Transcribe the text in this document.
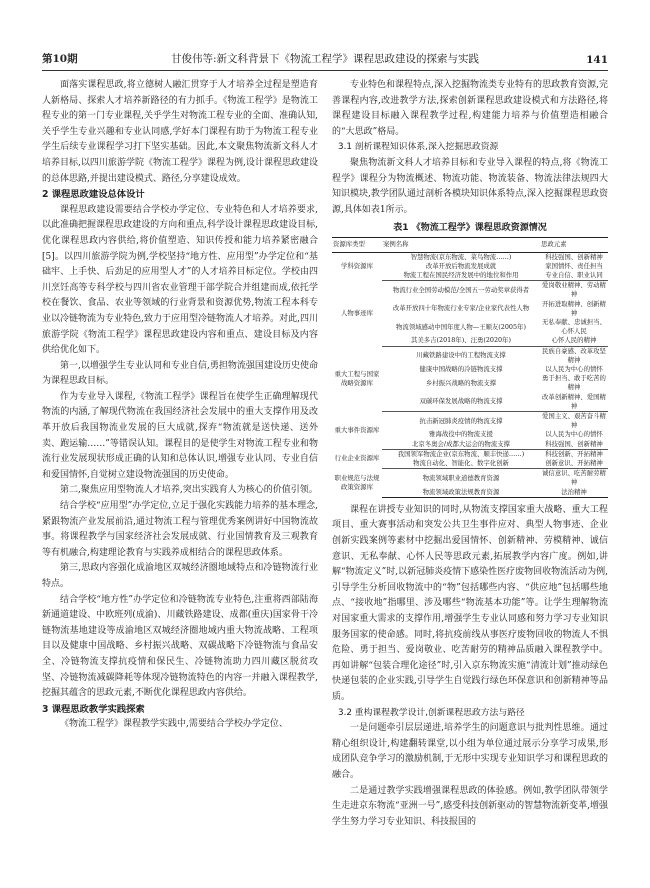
第10期	甘俊伟等:新文科背景下《物流工程学》课程思政建设的探索与实践	141

面落实课程思政,将立德树人融汇贯穿于人才培养全过程是塑造育人新格局、探索人才培养新路径的有力抓手。《物流工程学》是物流工程专业的第一门专业课程,关乎学生对物流工程专业的全面、准确认知,关乎学生专业兴趣和专业认同感,学好本门课程有助于为物流工程专业学生后续专业课程学习打下坚实基础。因此,本文聚焦物流新文科人才培养目标,以四川旅游学院《物流工程学》课程为例,设计课程思政建设的总体思路,并提出建设模式、路径,分享建设成效。

2 课程思政建设总体设计

课程思政建设需要结合学校办学定位、专业特色和人才培养要求,以此准确把握课程思政建设的方向和重点,科学设计课程思政建设目标,优化课程思政内容供给,将价值塑造、知识传授和能力培养紧密融合[5]。以四川旅游学院为例,学校坚持“地方性、应用型”办学定位和“基础牢、上手快、后劲足的应用型人才”的人才培养目标定位。学校由四川烹饪高等专科学校与四川省农业管理干部学院合并组建而成,依托学校在餐饮、食品、农业等领域的行业背景和资源优势,物流工程本科专业以冷链物流为专业特色,致力于应用型冷链物流人才培养。对此,四川旅游学院《物流工程学》课程思政建设内容和重点、建设目标及内容供给优化如下。

第一,以增强学生专业认同和专业自信,勇担物流强国建设历史使命为课程思政目标。

作为专业导入课程,《物流工程学》课程旨在使学生正确理解现代物流的内涵,了解现代物流在我国经济社会发展中的重大支撑作用及改革开放后我国物流业发展的巨大成就,探弃“物流就是送快递、送外卖、跑运输……”等错误认知。课程目的是使学生对物流工程专业和物流行业发展现状形成正确的认知和总体认识,增强专业认同、专业自信和爱国情怀,自觉树立建设物流强国的历史使命。

第二,聚焦应用型物流人才培养,突出实践育人为核心的价值引领。

结合学校“应用型”办学定位,立足于强化实践能力培养的基本理念,紧跟物流产业发展前沿,通过物流工程与管理优秀案例讲好中国物流故事。将课程教学与国家经济社会发展成就、行业国情教育及三观教育等有机融合,构建理论教育与实践养成相结合的课程思政体系。

第三,思政内容强化成渝地区双城经济圈地域特点和冷链物流行业特点。

结合学校“地方性”办学定位和冷链物流专业特色,注重将西部陆海新通道建设、中欧班列(成渝)、川藏铁路建设、成都(重庆)国家骨干冷链物流基地建设等成渝地区双城经济圈地域内重大物流战略、工程项目以及健康中国战略、乡村振兴战略、双碳战略下冷链物流与食品安全、冷链物流支撑抗疫情和保民生、冷链物流助力四川藏区脱贫攻坚、冷链物流减碳降耗等体现冷链物流特色的内容一并融入课程教学,挖掘其蕴含的思政元素,不断优化课程思政内容供给。

3 课程思政教学实践探索

《物流工程学》课程教学实践中,需要结合学校办学定位、

专业特色和课程特点,深入挖掘物流类专业特有的思政教育资源,完善课程内容,改进教学方法,探索创新课程思政建设模式和方法路径,将课程建设目标融入课程教学过程,构建能力培养与价值塑造相融合的“大思政”格局。

3.1 剖析课程知识体系,深入挖掘思政资源

聚焦物流新文科人才培养目标和专业导入课程的特点,将《物流工程学》课程分为物流概述、物流功能、物流装备、物流法律法规四大知识模块,教学团队通过剖析各模块知识体系特点,深入挖掘课程思政资源,具体如表1所示。

表1 《物流工程学》课程思政资源情况
资源库类型	案例名称	思政元素
学科资源库	智慧物流(京东物流、菜鸟物流……)	科技强国、创新精神
	改革开放后物流发展成就	家国情怀、责任担当
	物流工程在国民经济发展中的地位和作用	专业自信、职业认同
人物事迹库	物流行业全国劳动模范/全国五一劳动奖章获得者	爱岗敬业精神、劳动精神
	改革开放四十年物流行业专家/企业家代表性人物	开拓进取精神、创新精神
	物流领域感动中国年度人物—王顺友(2005年)	无私奉献、忠诚担当、心怀人民
	其美多吉(2018年)、汪勇(2020年)	心怀人民的精神
重大工程与国家战略资源库	川藏铁路建设中的工程物流支撑	民族自豪感、改革攻坚精神
	健康中国战略的冷链物流支撑	以人民为中心的情怀
	乡村振兴战略的物流支撑	勇于担当、敢于吃苦的精神
	双碳环保发展战略的物流支撑	改革创新精神、爱国精神
重大事件资源库	抗击新冠肺炎疫情的物流支撑	爱国主义、艰苦奋斗精神
	雅海战役中的物流支援	以人民为中心的情怀
	北京冬奥会/成都大运会的物流支撑	科技强国、创新精神
行业企业资源库	我国领军物流企业(京东物流、顺丰快递……)	科技创新、开拓精神
	物流自动化、智能化、数字化创新	创新意识、开拓精神
职业规范与法规政策资源库	物流领域职业道德教育资源	诚信意识、吃苦耐劳精神
	物流领域政策法规教育资源	法治精神

课程在讲授专业知识的同时,从物流支撑国家重大战略、重大工程项目、重大赛事活动和突发公共卫生事件应对、典型人物事迹、企业创新实践案例等素材中挖掘出爱国情怀、创新精神、劳模精神、诚信意识、无私奉献、心怀人民等思政元素,拓展教学内容广度。例如,讲解“物流定义”时,以新冠肺炎疫情下感染性医疗废物回收物流活动为例,引导学生分析回收物流中的“物”包括哪些内容、“供应地”包括哪些地点、“接收地”指哪里、涉及哪些“物流基本功能”等。让学生理解物流对国家重大需求的支撑作用,增强学生专业认同感和努力学习专业知识服务国家的使命感。同时,将抗疫前线从事医疗废物回收的物流人不惧危险、勇于担当、爱岗敬业、吃苦耐劳的精神品质融入课程教学中。再如讲解“包装合理化途径”时,引入京东物流实施“清流计划”推动绿色快递包装的企业实践,引导学生自觉践行绿色环保意识和创新精神等品质。

3.2 重构课程教学设计,创新课程思政方法与路径

一是问题牵引层层递进,培养学生的问题意识与批判性思维。通过精心组织设计,构建翻转课堂,以小组为单位通过展示分享学习成果,形成团队竞争学习的激励机制,于无形中实现专业知识学习和课程思政的融合。

二是通过教学实践增强课程思政的体验感。例如,教学团队带领学生走进京东物流“亚洲一号”,感受科技创新驱动的智慧物流新变革,增强学生努力学习专业知识、科技报国的
